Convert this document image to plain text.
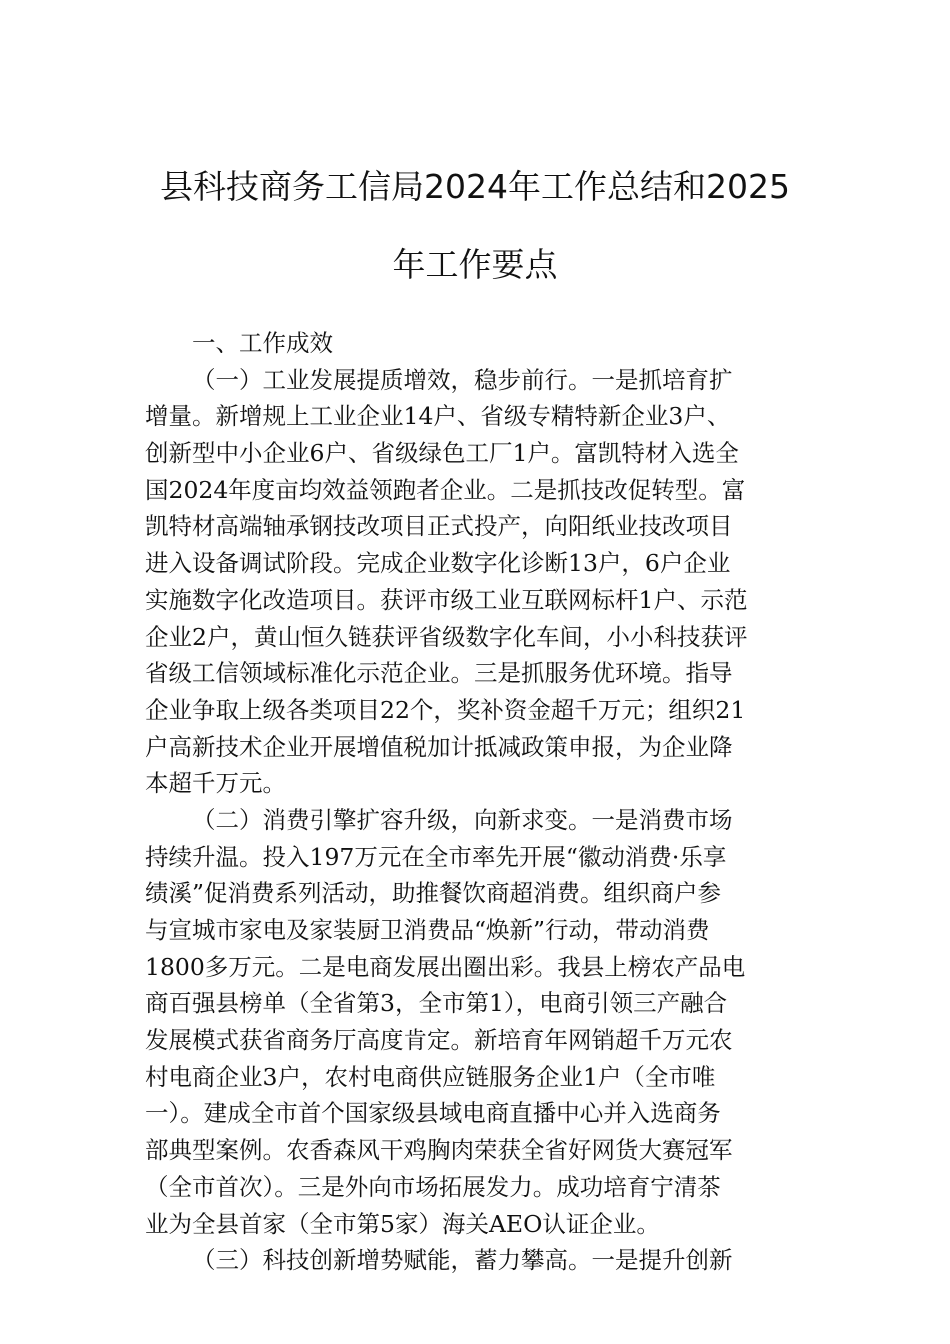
县科技商务工信局2024年工作总结和2025
年工作要点
一、工作成效
（一）工业发展提质增效，稳步前行。一是抓培育扩
增量。新增规上工业企业14户、省级专精特新企业3户、
创新型中小企业6户、省级绿色工厂1户。富凯特材入选全
国2024年度亩均效益领跑者企业。二是抓技改促转型。富
凯特材高端轴承钢技改项目正式投产，向阳纸业技改项目
进入设备调试阶段。完成企业数字化诊断13户，6户企业
实施数字化改造项目。获评市级工业互联网标杆1户、示范
企业2户，黄山恒久链获评省级数字化车间，小小科技获评
省级工信领域标准化示范企业。三是抓服务优环境。指导
企业争取上级各类项目22个，奖补资金超千万元；组织21
户高新技术企业开展增值税加计抵减政策申报，为企业降
本超千万元。
（二）消费引擎扩容升级，向新求变。一是消费市场
持续升温。投入197万元在全市率先开展“徽动消费·乐享
绩溪”促消费系列活动，助推餐饮商超消费。组织商户参
与宣城市家电及家装厨卫消费品“焕新”行动，带动消费
1800多万元。二是电商发展出圈出彩。我县上榜农产品电
商百强县榜单（全省第3，全市第1），电商引领三产融合
发展模式获省商务厅高度肯定。新培育年网销超千万元农
村电商企业3户，农村电商供应链服务企业1户（全市唯
一）。建成全市首个国家级县域电商直播中心并入选商务
部典型案例。农香森风干鸡胸肉荣获全省好网货大赛冠军
（全市首次）。三是外向市场拓展发力。成功培育宁清茶
业为全县首家（全市第5家）海关AEO认证企业。
（三）科技创新增势赋能，蓄力攀高。一是提升创新
